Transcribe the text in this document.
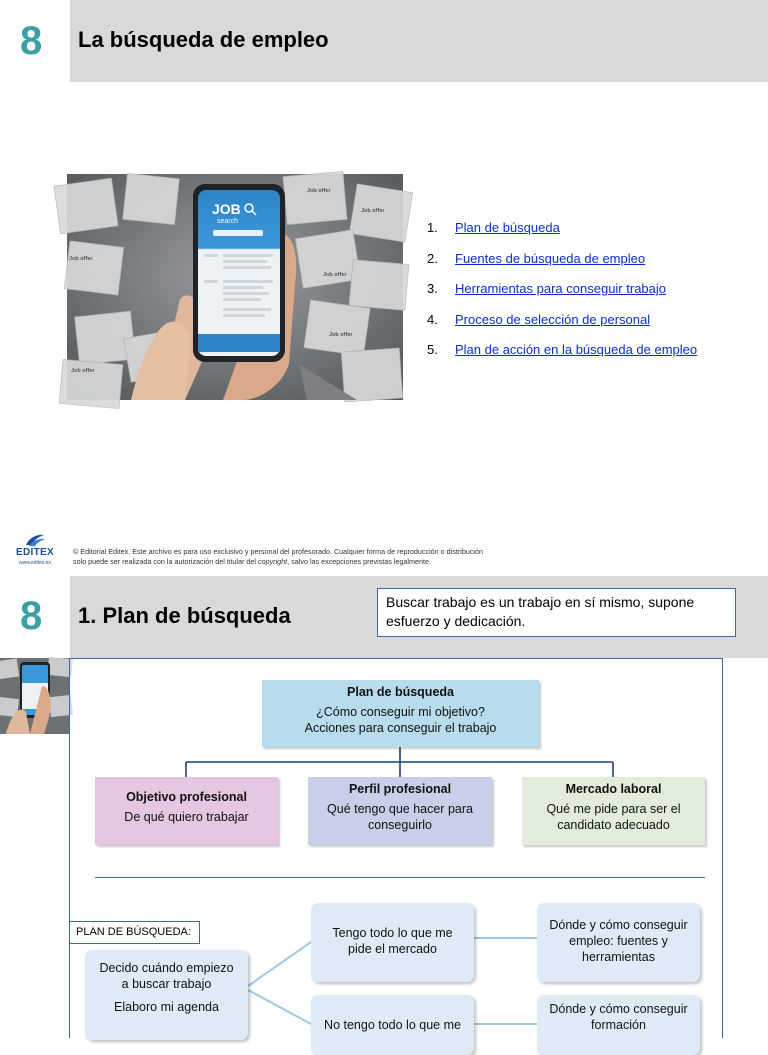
8 La búsqueda de empleo
Job offer
Job offer
Job offer
Job offer
Job offer
Job offer
JOB
search	1.	Plan de búsqueda
2.	Fuentes de búsqueda de empleo
3.	Herramientas para conseguir trabajo
4.	Proceso de selección de personal
5.	Plan de acción en la búsqueda de empleo
EDITEX
www.editex.es
© Editorial Editex. Este archivo es para uso exclusivo y personal del profesorado. Cualquier forma de reproducción o distribución
solo puede ser realizada con la autorización del titular del copyright, salvo las excepciones previstas legalmente.
8 1. Plan de búsqueda
Buscar trabajo es un trabajo en sí mismo, supone esfuerzo y dedicación.
Plan de búsqueda
¿Cómo conseguir mi objetivo?
Acciones para conseguir el trabajo
Objetivo profesional
De qué quiero trabajar
Perfil profesional
Qué tengo que hacer para conseguirlo
Mercado laboral
Qué me pide para ser el candidato adecuado
PLAN DE BÚSQUEDA:
Decido cuándo empiezo a buscar trabajo
Elaboro mi agenda
Tengo todo lo que me pide el mercado
No tengo todo lo que me
Dónde y cómo conseguir empleo: fuentes y herramientas
Dónde y cómo conseguir formación
